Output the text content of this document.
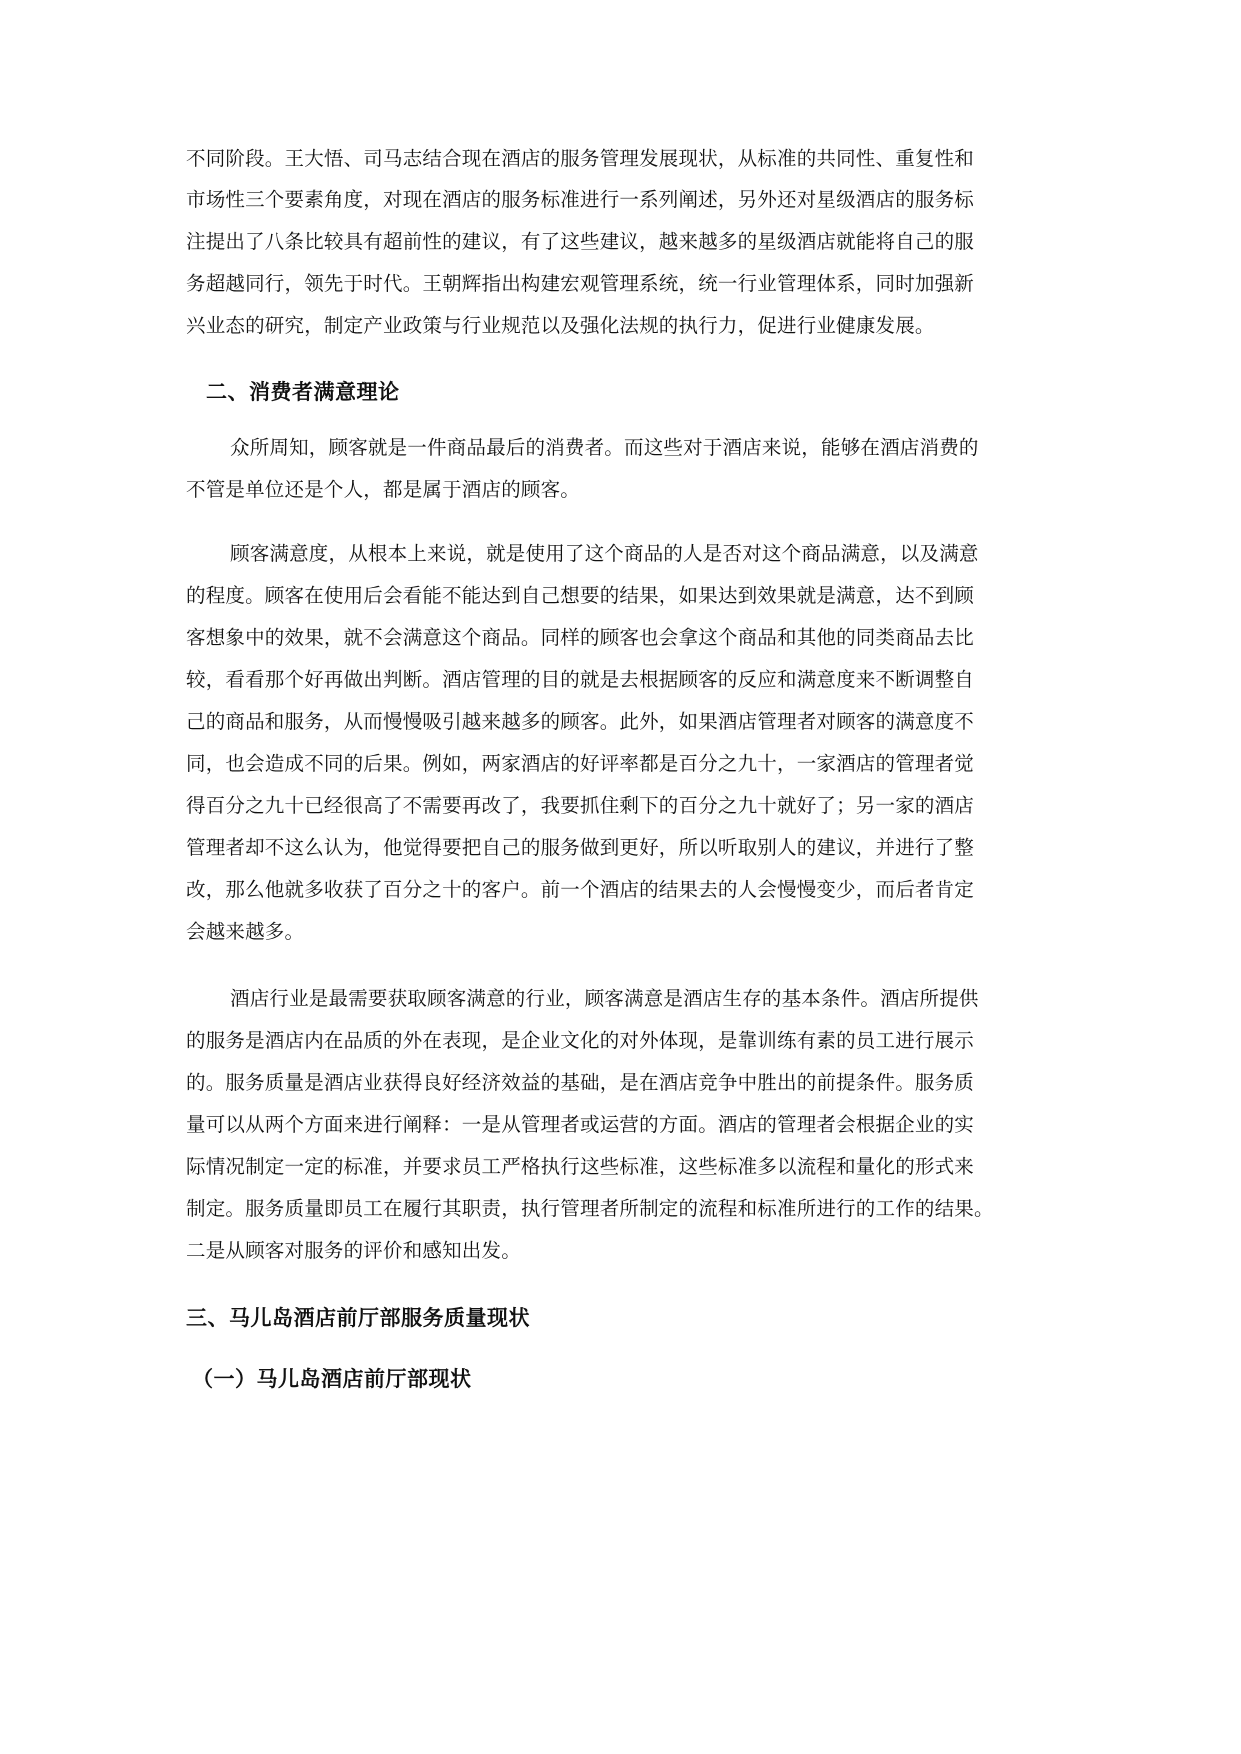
不同阶段。王大悟、司马志结合现在酒店的服务管理发展现状，从标准的共同性、重复性和
市场性三个要素角度，对现在酒店的服务标准进行一系列阐述，另外还对星级酒店的服务标
注提出了八条比较具有超前性的建议，有了这些建议，越来越多的星级酒店就能将自己的服
务超越同行，领先于时代。王朝辉指出构建宏观管理系统，统一行业管理体系，同时加强新
兴业态的研究，制定产业政策与行业规范以及强化法规的执行力，促进行业健康发展。
二、消费者满意理论
众所周知，顾客就是一件商品最后的消费者。而这些对于酒店来说，能够在酒店消费的
不管是单位还是个人，都是属于酒店的顾客。
顾客满意度，从根本上来说，就是使用了这个商品的人是否对这个商品满意，以及满意
的程度。顾客在使用后会看能不能达到自己想要的结果，如果达到效果就是满意，达不到顾
客想象中的效果，就不会满意这个商品。同样的顾客也会拿这个商品和其他的同类商品去比
较，看看那个好再做出判断。酒店管理的目的就是去根据顾客的反应和满意度来不断调整自
己的商品和服务，从而慢慢吸引越来越多的顾客。此外，如果酒店管理者对顾客的满意度不
同，也会造成不同的后果。例如，两家酒店的好评率都是百分之九十，一家酒店的管理者觉
得百分之九十已经很高了不需要再改了，我要抓住剩下的百分之九十就好了；另一家的酒店
管理者却不这么认为，他觉得要把自己的服务做到更好，所以听取别人的建议，并进行了整
改，那么他就多收获了百分之十的客户。前一个酒店的结果去的人会慢慢变少，而后者肯定
会越来越多。
酒店行业是最需要获取顾客满意的行业，顾客满意是酒店生存的基本条件。酒店所提供
的服务是酒店内在品质的外在表现，是企业文化的对外体现，是靠训练有素的员工进行展示
的。服务质量是酒店业获得良好经济效益的基础，是在酒店竞争中胜出的前提条件。服务质
量可以从两个方面来进行阐释：一是从管理者或运营的方面。酒店的管理者会根据企业的实
际情况制定一定的标准，并要求员工严格执行这些标准，这些标准多以流程和量化的形式来
制定。服务质量即员工在履行其职责，执行管理者所制定的流程和标准所进行的工作的结果。
二是从顾客对服务的评价和感知出发。
三、马儿岛酒店前厅部服务质量现状
（一）马儿岛酒店前厅部现状
